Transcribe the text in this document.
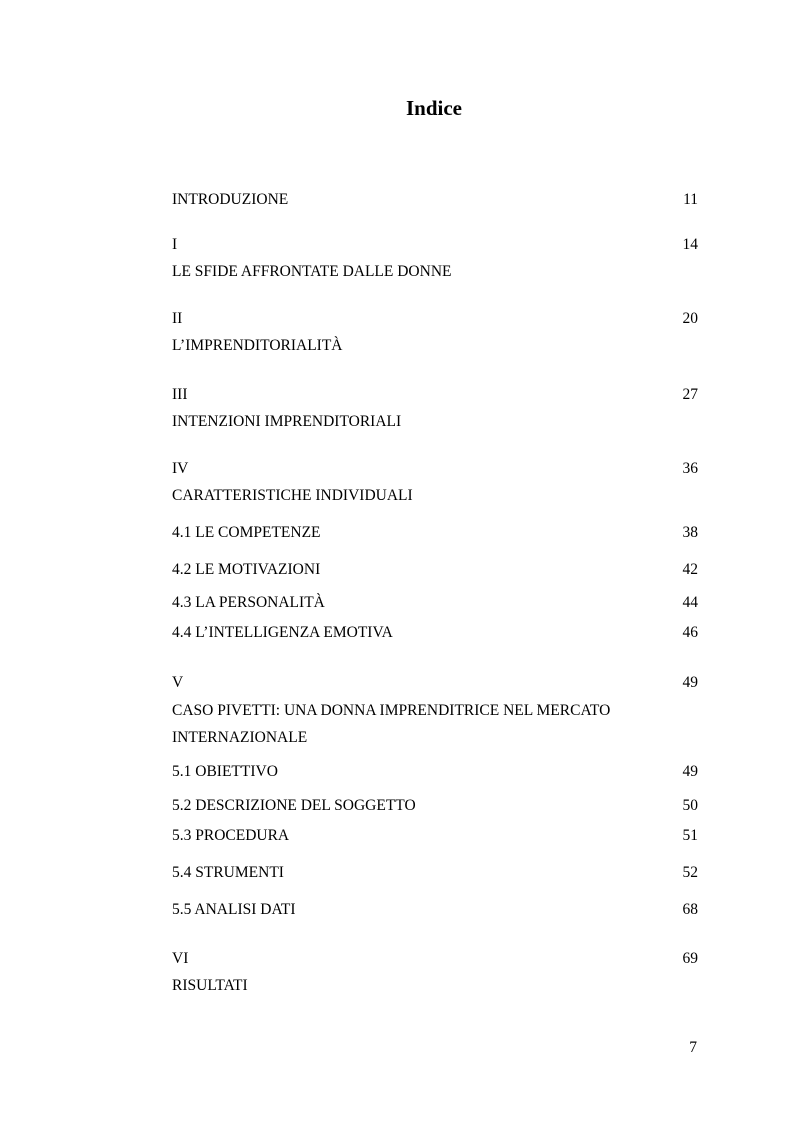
Indice
INTRODUZIONE	11
I	14
LE SFIDE AFFRONTATE DALLE DONNE
II	20
L’IMPRENDITORIALITÀ
III	27
INTENZIONI IMPRENDITORIALI
IV	36
CARATTERISTICHE INDIVIDUALI
4.1 LE COMPETENZE	38
4.2 LE MOTIVAZIONI	42
4.3 LA PERSONALITÀ	44
4.4 L’INTELLIGENZA EMOTIVA	46
V	49
CASO PIVETTI: UNA DONNA IMPRENDITRICE NEL MERCATO
INTERNAZIONALE
5.1 OBIETTIVO	49
5.2 DESCRIZIONE DEL SOGGETTO	50
5.3 PROCEDURA	51
5.4 STRUMENTI	52
5.5 ANALISI DATI	68
VI	69
RISULTATI
7
